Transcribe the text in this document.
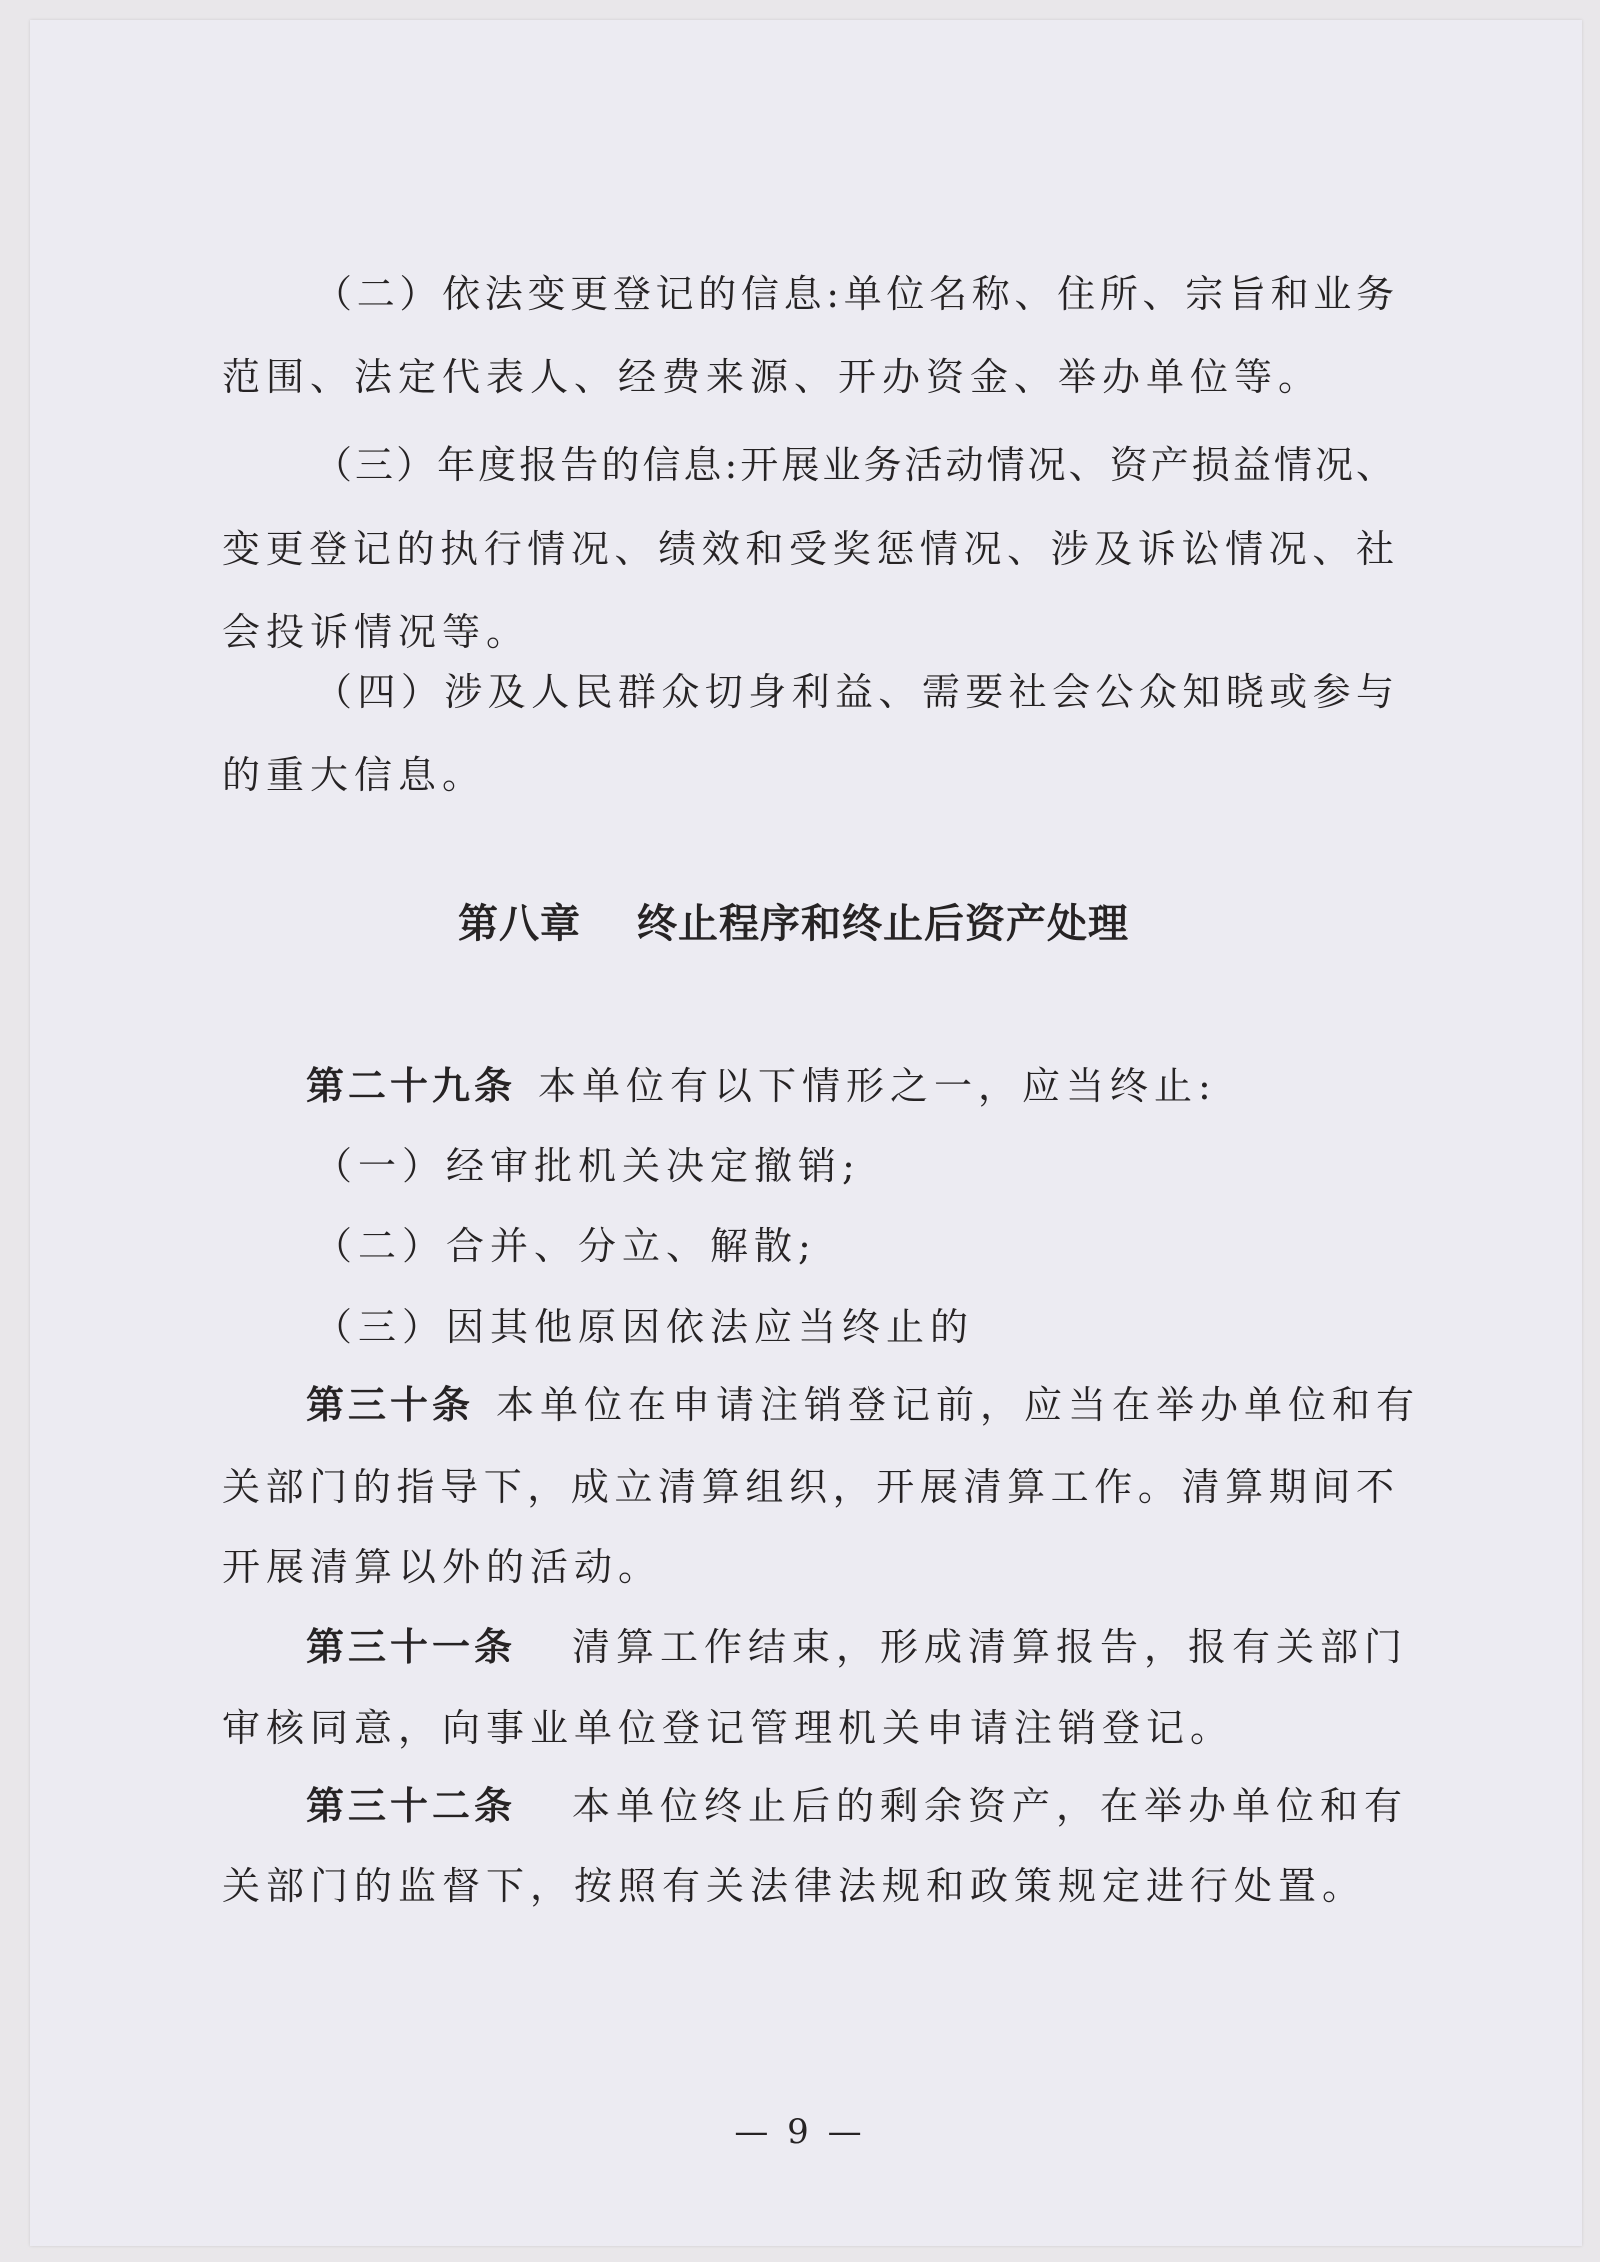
（二）依法变更登记的信息:单位名称、住所、宗旨和业务
范围、法定代表人、经费来源、开办资金、举办单位等。
（三）年度报告的信息:开展业务活动情况、资产损益情况、
变更登记的执行情况、绩效和受奖惩情况、涉及诉讼情况、社
会投诉情况等。
（四）涉及人民群众切身利益、需要社会公众知晓或参与
的重大信息。
第八章 终止程序和终止后资产处理
第二十九条 本单位有以下情形之一，应当终止:
（一）经审批机关决定撤销;
（二）合并、分立、解散;
（三）因其他原因依法应当终止的
第三十条 本单位在申请注销登记前，应当在举办单位和有
关部门的指导下，成立清算组织，开展清算工作。清算期间不
开展清算以外的活动。
第三十一条 清算工作结束，形成清算报告，报有关部门
审核同意，向事业单位登记管理机关申请注销登记。
第三十二条 本单位终止后的剩余资产，在举办单位和有
关部门的监督下，按照有关法律法规和政策规定进行处置。
— 9 —
